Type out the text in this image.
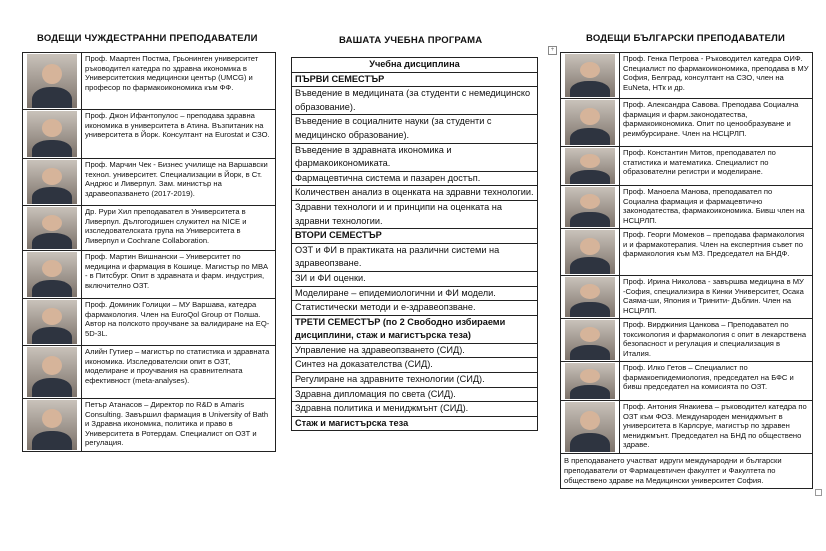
ВОДЕЩИ ЧУЖДЕСТРАННИ ПРЕПОДАВАТЕЛИ	ВАШАТА УЧЕБНА ПРОГРАМА	ВОДЕЩИ БЪЛГАРСКИ ПРЕПОДАВАТЕЛИ
+
	Проф. Маартен Постма, Грьонинген университет ръководител катедра по здравна икономика в Университетския медицински център (UMCG) и професор по фармакоикономика към ФФ.

	Проф. Джон Ифантопулос – преподава здравна икономика в университета в Атина. Възпитаник на университета в Йорк. Консултант на Eurostat и СЗО.

	Проф. Марчин Чек - Бизнес училище на Варшавски технол. университет. Специализации в Йорк, в Ст. Андрюс и Ливерпул. Зам. министър на здравеопазването (2017-2019).

	Др. Рури Хил преподавател в Университета в Ливерпул. Дългогодишен служител на NICE и изследователската група на Университета в Ливерпул и Cochrane Collaboration.

	Проф. Мартин Вишнански – Университет по медицина и фармация в Кошице. Магистър по MBA - в Питсбург. Опит в здравната и фарм. индустрия, включително ОЗТ.

	Проф. Доминик Голицки – МУ Варшава, катедра фармакология. Член на EuroQol Group от Полша. Автор на полското проучване за валидиране на EQ-5D-3L.

	Алийн Гутиер – магистър по статистика и здравната икономика. Изследователски опит в ОЗТ, моделиране и проучвания на сравнителната ефективност (meta-analyses).

	Петър Атанасов – Директор по R&D в Amaris Consulting. Завършил фармация в University of Bath и Здравна икономика, политика и право в Университета в Ротердам. Специалист оп ОЗТ и регулация.
Учебна дисциплина
ПЪРВИ СЕМЕСТЪР
Въведение в медицината (за студенти с немедицинско образование).
Въведение в социалните науки (за студенти с медицинско образование).
Въведение в здравната икономика и фармакоикономиката.
Фармацевтична система и пазарен достъп.
Количествен анализ в оценката на здравни технологии.
Здравни технологи и и принципи на оценката на здравни технологии.
ВТОРИ СЕМЕСТЪР
ОЗТ и ФИ в практиката на различни системи на здравеопзване.
ЗИ и ФИ оценки.
Моделиране – епидемиологични и ФИ модели.
Статистически методи и е-здравеопзване.
ТРЕТИ СЕМЕСТЪР (по 2 Свободно избираеми дисциплини, стаж и магистърска теза)
Управление на здравеопзването (СИД).
Синтез на доказателства (СИД).
Регулиране на здравните технологии (СИД).
Здравна дипломация по света (СИД).
Здравна политика и мениджмънт (СИД).
Стаж и магистърска теза
	Проф. Генка Петрова - Ръководител катедра ОИФ. Специалист по фармакоикономика, преподава в МУ София, Белград, консултант на СЗО, член на EuNeta, НТк и др.

	Проф. Александра Савова. Преподава Социална фармация и фарм.законодатества, фармакоикономика. Опит по ценообразуване и реимбурсиране. Член на НСЦРЛП.

	Проф. Константин Митов, преподавател по статистика и математика. Специалист по образователни регистри и моделиране.

	Проф. Маноела Манова, преподавател по Социална фармация и фармацевтично законодатества, фармакоикономика. Бивш член на НСЦРЛП.

	Проф. Георги Момеков – преподава фармакология и и фармакотерапия. Член на експертния съвет по фармакология към МЗ. Председател на БНДФ.

	Проф. Ирина Николова - завършва медицина в МУ -София, специализира в Кинки Университет, Осака Саяма-ши, Япония и Тринити- Дъблин. Член на НСЦРЛП.

	Проф. Вирджиния Цанкова – Преподавател по токсикология и фармакология с опит в лекарствена безопасност и регулация и специализация в Италия.

	Проф. Илко Гетов – Специалист по фармакоепидемиология, председател на БФС и бивш председател на комисията по ОЗТ.

	Проф. Антония Янакиева – ръководител катедра по ОЗТ към ФОЗ. Международен мениджмънт в университета в Карлсруе, магистър по здравен мениджмънт. Председател на БНД по обществено здраве.
В преподаването участват идруги международни и български преподаватели от Фармацевтичен факултет и Факултета по обществено здраве на Медицински университет София.	
